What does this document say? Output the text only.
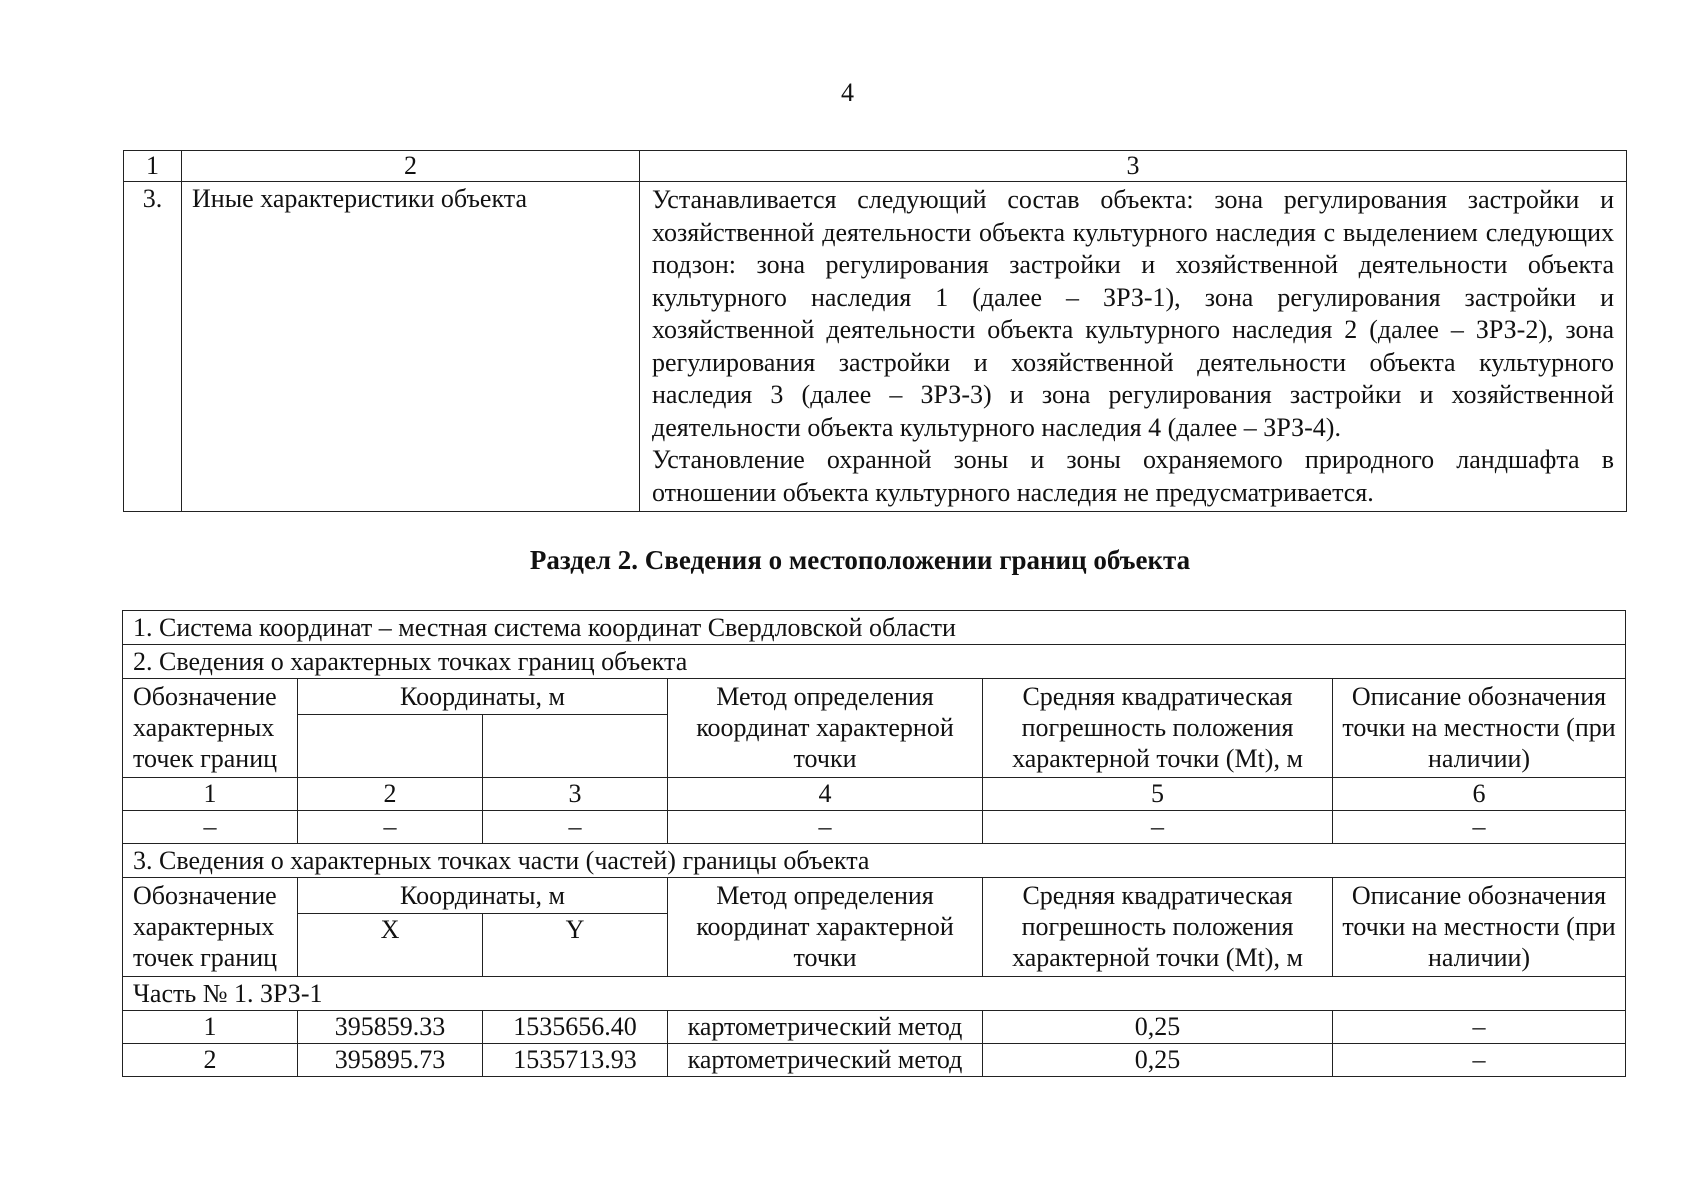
4
1	2	3
3.	Иные характеристики объекта	Устанавливается следующий состав объекта: зона регулирования застройки и хозяйственной деятельности объекта культурного наследия с выделением следующих подзон: зона регулирования застройки и хозяйственной деятельности объекта культурного наследия 1 (далее – ЗРЗ-1), зона регулирования застройки и хозяйственной деятельности объекта культурного наследия 2 (далее – ЗРЗ-2), зона регулирования застройки и хозяйственной деятельности объекта культурного наследия 3 (далее – ЗРЗ-3) и зона регулирования застройки и хозяйственной деятельности объекта культурного наследия 4 (далее – ЗРЗ-4).
Установление охранной зоны и зоны охраняемого природного ландшафта в отношении объекта культурного наследия не предусматривается.
Раздел 2. Сведения о местоположении границ объекта
1. Система координат – местная система координат Свердловской области					
2. Сведения о характерных точках границ объекта					
Обозначение характерных точек границ	Координаты, м		Метод определения координат характерной точки	Средняя квадратическая погрешность положения характерной точки (Mt), м	Описание обозначения точки на местности (при наличии)

1	2	3	4	5	6
–	–	–	–	–	–
3. Сведения о характерных точках части (частей) границы объекта					
Обозначение характерных точек границ	Координаты, м		Метод определения координат характерной точки	Средняя квадратическая погрешность положения характерной точки (Mt), м	Описание обозначения точки на местности (при наличии)
	X	Y			
Часть № 1. ЗРЗ-1					
1	395859.33	1535656.40	картометрический метод	0,25	–
2	395895.73	1535713.93	картометрический метод	0,25	–
